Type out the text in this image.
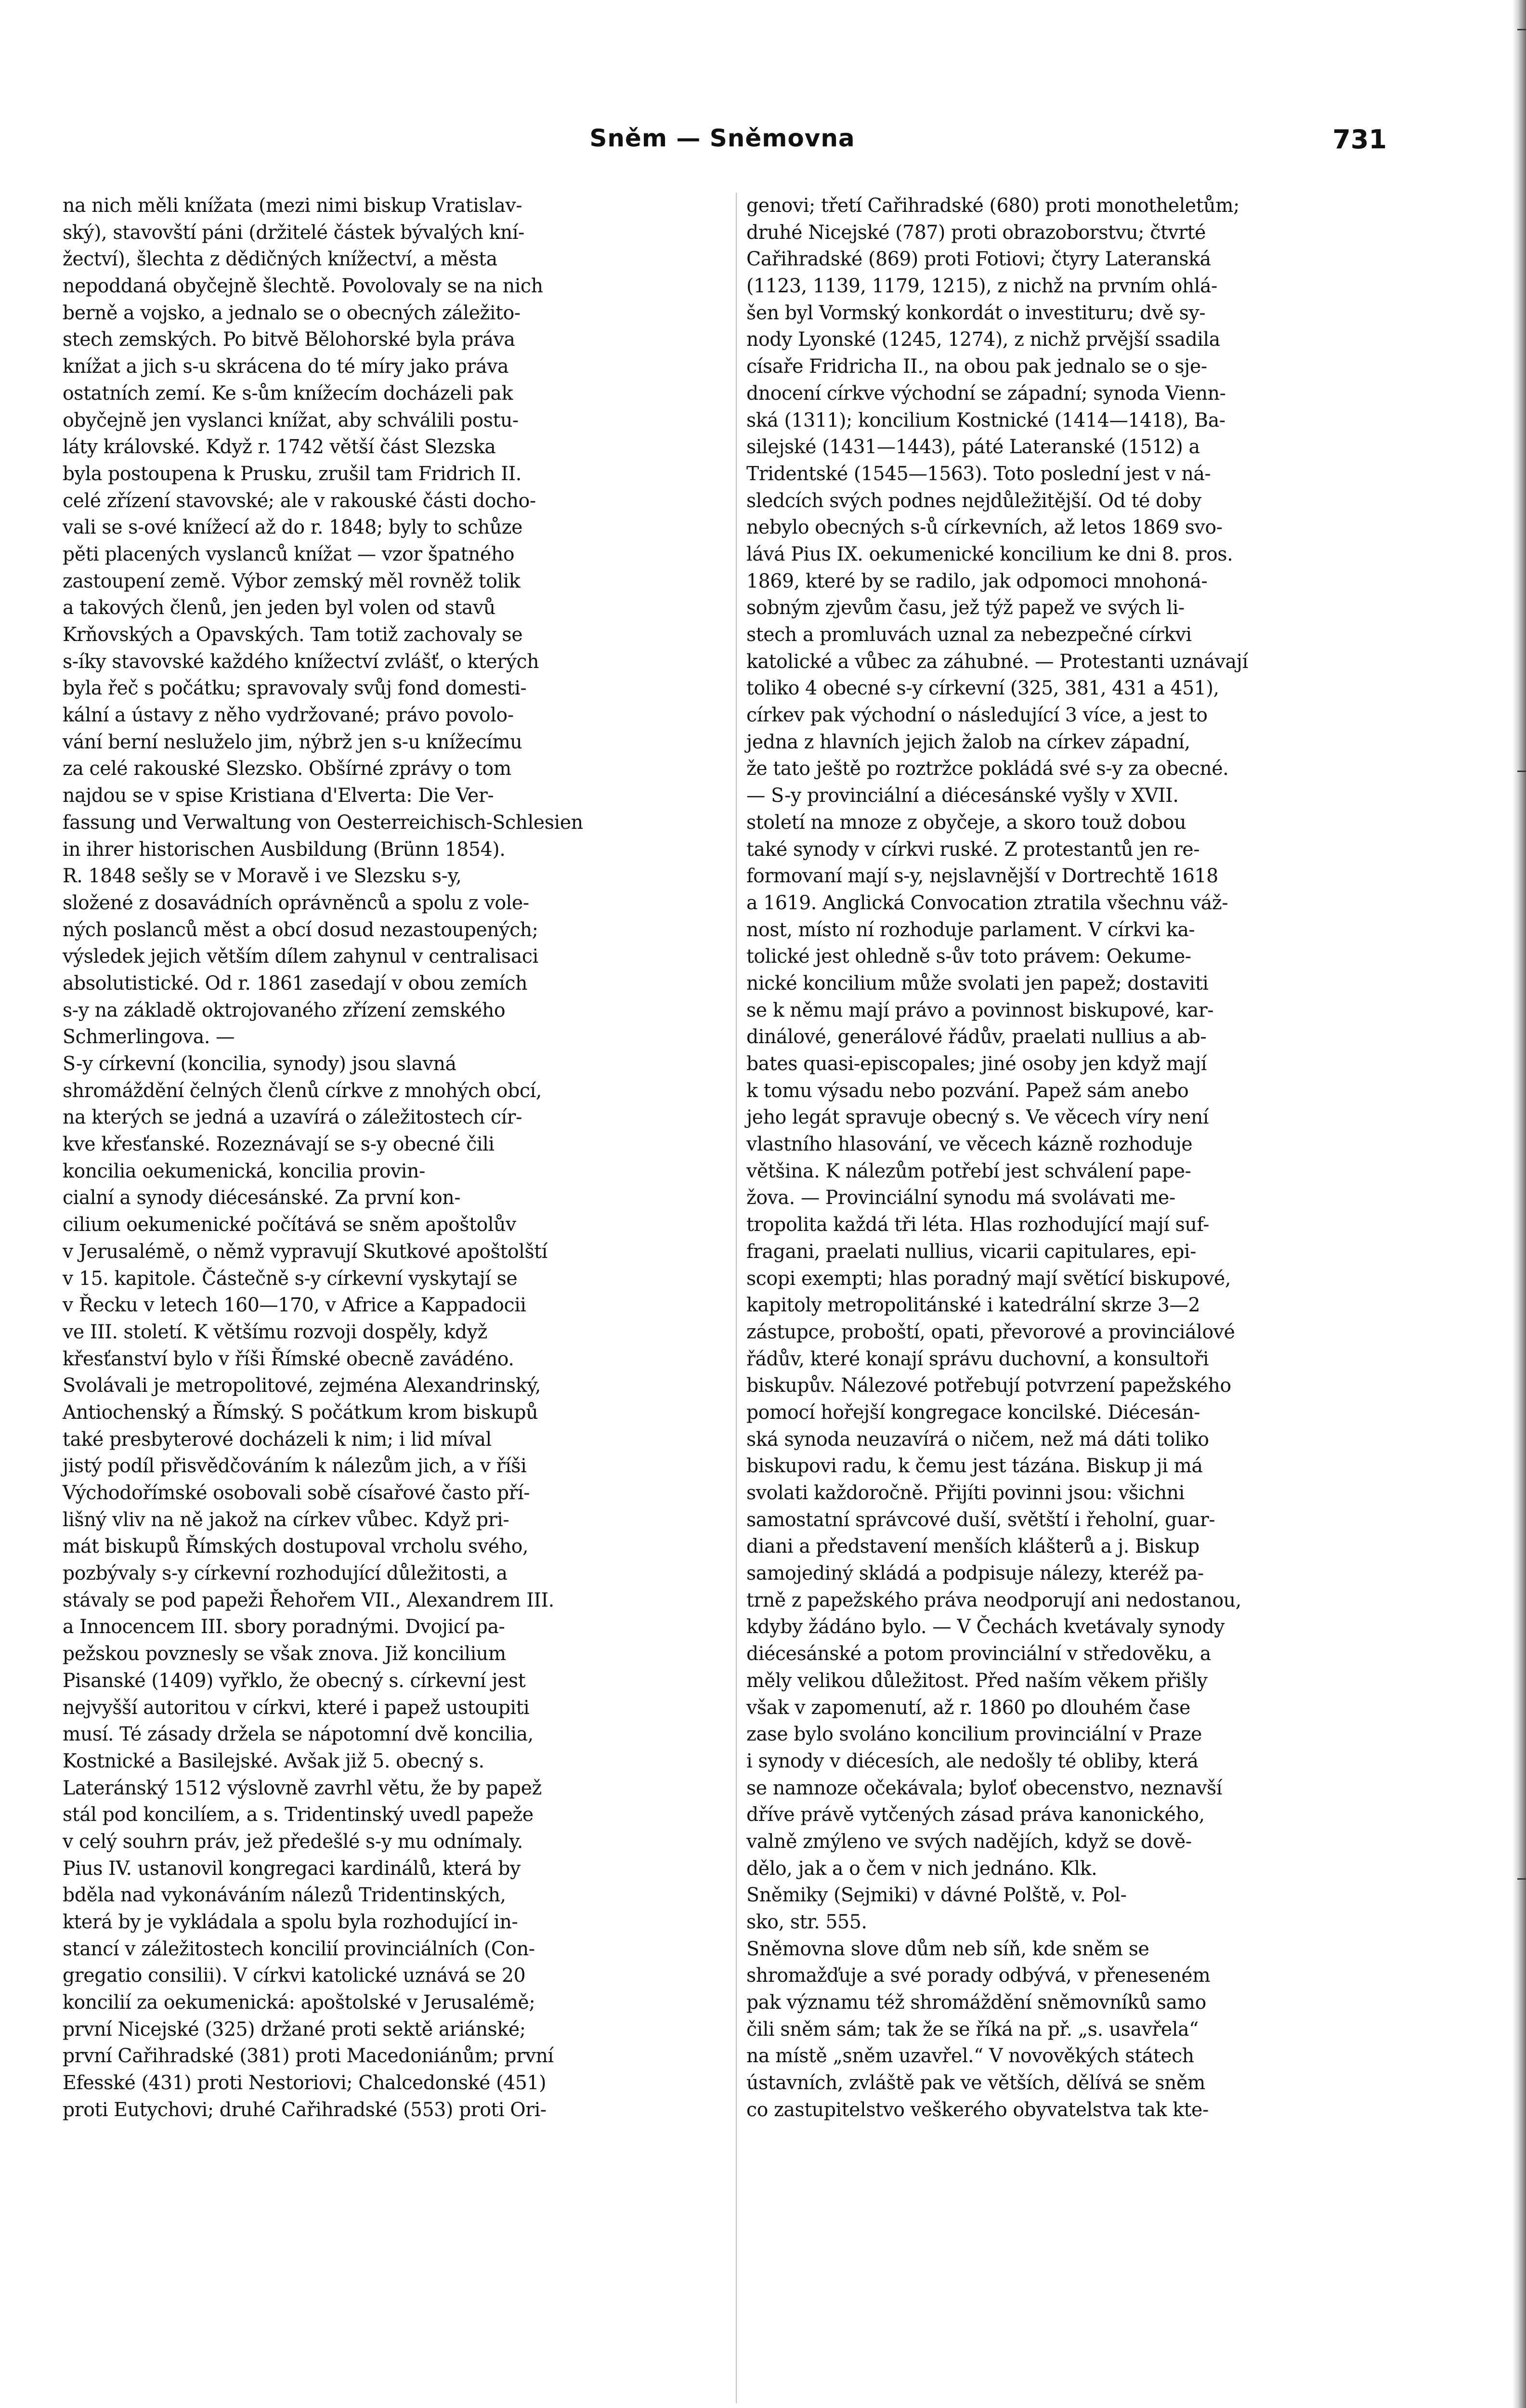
Sněm — Sněmovna	731
na nich měli knížata (mezi nimi biskup Vratislav-
ský), stavovští páni (držitelé částek bývalých kní-
žectví), šlechta z dědičných knížectví, a města
nepoddaná obyčejně šlechtě. Povolovaly se na nich
berně a vojsko, a jednalo se o obecných záležito-
stech zemských. Po bitvě Bělohorské byla práva
knížat a jich s-u skrácena do té míry jako práva
ostatních zemí. Ke s-ům knížecím docházeli pak
obyčejně jen vyslanci knížat, aby schválili postu-
láty královské. Když r. 1742 větší část Slezska
byla postoupena k Prusku, zrušil tam Fridrich II.
celé zřízení stavovské; ale v rakouské části docho-
vali se s-ové knížecí až do r. 1848; byly to schůze
pěti placených vyslanců knížat — vzor špatného
zastoupení země. Výbor zemský měl rovněž tolik
a takových členů, jen jeden byl volen od stavů
Krňovských a Opavských. Tam totiž zachovaly se
s-íky stavovské každého knížectví zvlášť, o kterých
byla řeč s počátku; spravovaly svůj fond domesti-
kální a ústavy z něho vydržované; právo povolo-
vání berní nesluželo jim, nýbrž jen s-u knížecímu
za celé rakouské Slezsko. Obšírné zprávy o tom
najdou se v spise Kristiana d'Elverta: Die Ver-
fassung und Verwaltung von Oesterreichisch-Schlesien
in ihrer historischen Ausbildung (Brünn 1854).
R. 1848 sešly se v Moravě i ve Slezsku s-y,
složené z dosavádních oprávněnců a spolu z vole-
ných poslanců měst a obcí dosud nezastoupených;
výsledek jejich větším dílem zahynul v centralisaci
absolutistické. Od r. 1861 zasedají v obou zemích
s-y na základě oktrojovaného zřízení zemského
Schmerlingova. —
S-y církevní (koncilia, synody) jsou slavná
shromáždění čelných členů církve z mnohých obcí,
na kterých se jedná a uzavírá o záležitostech cír-
kve křesťanské. Rozeznávají se s-y obecné čili
koncilia oekumenická, koncilia provin-
cialní a synody diécesánské. Za první kon-
cilium oekumenické počítává se sněm apoštolův
v Jerusalémě, o němž vypravují Skutkové apoštolští
v 15. kapitole. Částečně s-y církevní vyskytají se
v Řecku v letech 160—170, v Africe a Kappadocii
ve III. století. K většímu rozvoji dospěly, když
křesťanství bylo v říši Římské obecně zavádéno.
Svolávali je metropolitové, zejména Alexandrinský,
Antiochenský a Římský. S počátkum krom biskupů
také presbyterové docházeli k nim; i lid míval
jistý podíl přisvědčováním k nálezům jich, a v říši
Východořímské osobovali sobě císařové často pří-
lišný vliv na ně jakož na církev vůbec. Když pri-
mát biskupů Římských dostupoval vrcholu svého,
pozbývaly s-y církevní rozhodující důležitosti, a
stávaly se pod papeži Řehořem VII., Alexandrem III.
a Innocencem III. sbory poradnými. Dvojicí pa-
pežskou povznesly se však znova. Již koncilium
Pisanské (1409) vyřklo, že obecný s. církevní jest
nejvyšší autoritou v církvi, které i papež ustoupiti
musí. Té zásady držela se nápotomní dvě koncilia,
Kostnické a Basilejské. Avšak již 5. obecný s.
Lateránský 1512 výslovně zavrhl větu, že by papež
stál pod koncilíem, a s. Tridentinský uvedl papeže
v celý souhrn práv, jež předešlé s-y mu odnímaly.
Pius IV. ustanovil kongregaci kardinálů, která by
bděla nad vykonáváním nálezů Tridentinských,
která by je vykládala a spolu byla rozhodující in-
stancí v záležitostech koncilií provinciálních (Con-
gregatio consilii). V církvi katolické uznává se 20
koncilií za oekumenická: apoštolské v Jerusalémě;
první Nicejské (325) držané proti sektě ariánské;
první Cařihradské (381) proti Macedoniánům; první
Efesské (431) proti Nestoriovi; Chalcedonské (451)
proti Eutychovi; druhé Cařihradské (553) proti Ori-
genovi; třetí Cařihradské (680) proti monotheletům;
druhé Nicejské (787) proti obrazoborstvu; čtvrté
Cařihradské (869) proti Fotiovi; čtyry Lateranská
(1123, 1139, 1179, 1215), z nichž na prvním ohlá-
šen byl Vormský konkordát o investituru; dvě sy-
nody Lyonské (1245, 1274), z nichž prvější ssadila
císaře Fridricha II., na obou pak jednalo se o sje-
dnocení církve východní se západní; synoda Vienn-
ská (1311); koncilium Kostnické (1414—1418), Ba-
silejské (1431—1443), páté Lateranské (1512) a
Tridentské (1545—1563). Toto poslední jest v ná-
sledcích svých podnes nejdůležitější. Od té doby
nebylo obecných s-ů církevních, až letos 1869 svo-
lává Pius IX. oekumenické koncilium ke dni 8. pros.
1869, které by se radilo, jak odpomoci mnohoná-
sobným zjevům času, jež týž papež ve svých li-
stech a promluvách uznal za nebezpečné církvi
katolické a vůbec za záhubné. — Protestanti uznávají
toliko 4 obecné s-y církevní (325, 381, 431 a 451),
církev pak východní o následující 3 více, a jest to
jedna z hlavních jejich žalob na církev západní,
že tato ještě po roztržce pokládá své s-y za obecné.
— S-y provinciální a diécesánské vyšly v XVII.
století na mnoze z obyčeje, a skoro touž dobou
také synody v církvi ruské. Z protestantů jen re-
formovaní mají s-y, nejslavnější v Dortrechtě 1618
a 1619. Anglická Convocation ztratila všechnu váž-
nost, místo ní rozhoduje parlament. V církvi ka-
tolické jest ohledně s-ův toto právem: Oekume-
nické koncilium může svolati jen papež; dostaviti
se k němu mají právo a povinnost biskupové, kar-
dinálové, generálové řádův, praelati nullius a ab-
bates quasi-episcopales; jiné osoby jen když mají
k tomu výsadu nebo pozvání. Papež sám anebo
jeho legát spravuje obecný s. Ve věcech víry není
vlastního hlasování, ve věcech kázně rozhoduje
většina. K nálezům potřebí jest schválení pape-
žova. — Provinciální synodu má svolávati me-
tropolita každá tři léta. Hlas rozhodující mají suf-
fragani, praelati nullius, vicarii capitulares, epi-
scopi exempti; hlas poradný mají světící biskupové,
kapitoly metropolitánské i katedrální skrze 3—2
zástupce, proboští, opati, převorové a provinciálové
řádův, které konají správu duchovní, a konsultoři
biskupův. Nálezové potřebují potvrzení papežského
pomocí hořejší kongregace koncilské. Diécesán-
ská synoda neuzavírá o ničem, než má dáti toliko
biskupovi radu, k čemu jest tázána. Biskup ji má
svolati každoročně. Přijíti povinni jsou: všichni
samostatní správcové duší, světští i řeholní, guar-
diani a představení menších klášterů a j. Biskup
samojediný skládá a podpisuje nálezy, kteréž pa-
trně z papežského práva neodporují ani nedostanou,
kdyby žádáno bylo. — V Čechách kvetávaly synody
diécesánské a potom provinciální v středověku, a
měly velikou důležitost. Před naším věkem přišly
však v zapomenutí, až r. 1860 po dlouhém čase
zase bylo svoláno koncilium provinciální v Praze
i synody v diécesích, ale nedošly té obliby, která
se namnoze očekávala; byloť obecenstvo, neznavší
dříve právě vytčených zásad práva kanonického,
valně zmýleno ve svých nadějích, když se dově-
dělo, jak a o čem v nich jednáno. Klk.
Sněmiky (Sejmiki) v dávné Polště, v. Pol-
sko, str. 555.
Sněmovna slove dům neb síň, kde sněm se
shromažďuje a své porady odbývá, v přeneseném
pak významu též shromáždění sněmovníků samo
čili sněm sám; tak že se říká na př. „s. usavřela“
na místě „sněm uzavřel.“ V novověkých státech
ústavních, zvláště pak ve větších, dělívá se sněm
co zastupitelstvo veškerého obyvatelstva tak kte-
